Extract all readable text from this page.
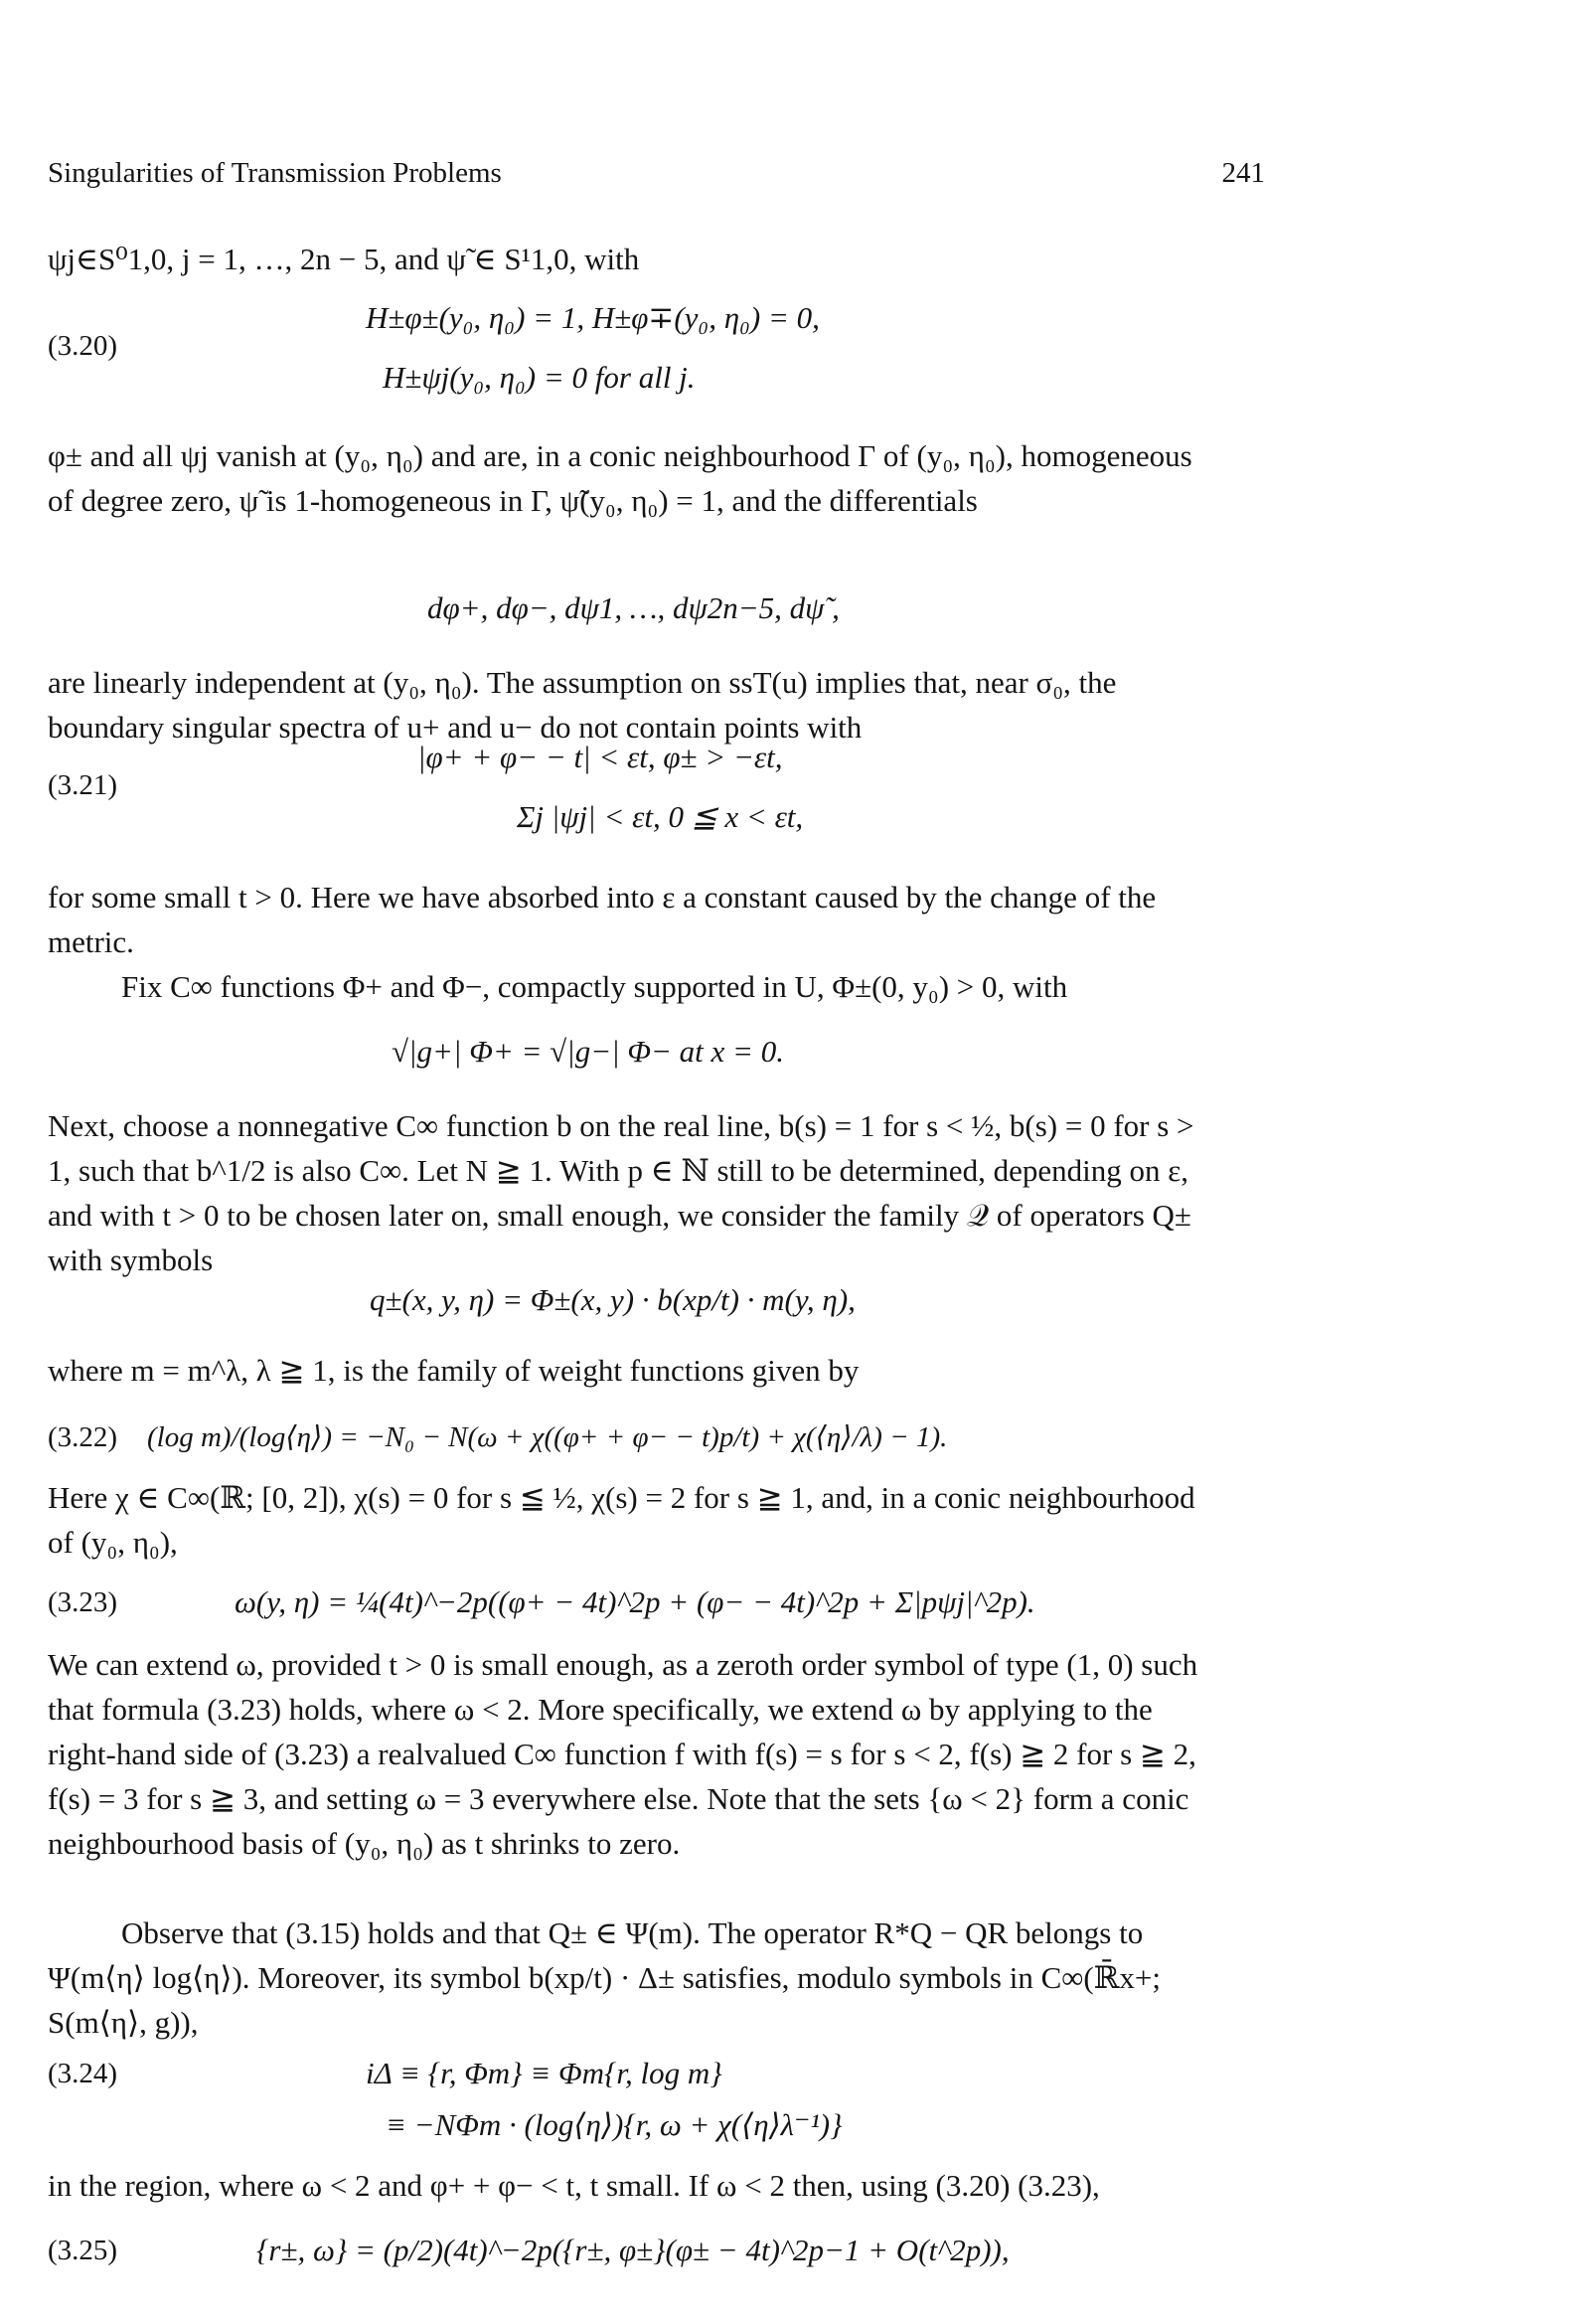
Singularities of Transmission Problems	241

ψj∈S⁰1,0, j = 1, …, 2n − 5, and ψ̃ ∈ S¹1,0, with

(3.20)
H±φ±(y₀, η₀) = 1, H±φ∓(y₀, η₀) = 0,
H±ψj(y₀, η₀) = 0 for all j.

φ± and all ψj vanish at (y₀, η₀) and are, in a conic neighbourhood Γ of (y₀, η₀), homogeneous of degree zero, ψ̃ is 1-homogeneous in Γ, ψ̃(y₀, η₀) = 1, and the differentials

dφ+, dφ−, dψ1, …, dψ2n−5, dψ̃ ,

are linearly independent at (y₀, η₀). The assumption on ssT(u) implies that, near σ₀, the boundary singular spectra of u+ and u− do not contain points with

(3.21)
|φ+ + φ− − t| < εt, φ± > −εt,
Σj |ψj| < εt, 0 ≦ x < εt,

for some small t > 0. Here we have absorbed into ε a constant caused by the change of the metric.

Fix C∞ functions Φ+ and Φ−, compactly supported in U, Φ±(0, y₀) > 0, with

√|g+| Φ+ = √|g−| Φ− at x = 0.

Next, choose a nonnegative C∞ function b on the real line, b(s) = 1 for s < ½, b(s) = 0 for s > 1, such that b^1/2 is also C∞. Let N ≧ 1. With p ∈ ℕ still to be determined, depending on ε, and with t > 0 to be chosen later on, small enough, we consider the family 𝒬 of operators Q± with symbols

q±(x, y, η) = Φ±(x, y) · b(xp/t) · m(y, η),

where m = m^λ, λ ≧ 1, is the family of weight functions given by

(3.22) (log m)/(log⟨η⟩) = −N₀ − N(ω + χ((φ+ + φ− − t)p/t) + χ(⟨η⟩/λ) − 1).

Here χ ∈ C∞(ℝ; [0, 2]), χ(s) = 0 for s ≦ ½, χ(s) = 2 for s ≧ 1, and, in a conic neighbourhood of (y₀, η₀),

(3.23)	ω(y, η) = ¼(4t)^−2p((φ+ − 4t)^2p + (φ− − 4t)^2p + Σ|pψj|^2p).

We can extend ω, provided t > 0 is small enough, as a zeroth order symbol of type (1, 0) such that formula (3.23) holds, where ω < 2. More specifically, we extend ω by applying to the right-hand side of (3.23) a realvalued C∞ function f with f(s) = s for s < 2, f(s) ≧ 2 for s ≧ 2, f(s) = 3 for s ≧ 3, and setting ω = 3 everywhere else. Note that the sets {ω < 2} form a conic neighbourhood basis of (y₀, η₀) as t shrinks to zero.

Observe that (3.15) holds and that Q± ∈ Ψ(m). The operator R*Q − QR belongs to Ψ(m⟨η⟩ log⟨η⟩). Moreover, its symbol b(xp/t) · Δ± satisfies, modulo symbols in C∞(ℝ̄x+; S(m⟨η⟩, g)),

(3.24)	iΔ ≡ {r, Φm} ≡ Φm{r, log m}
≡ −NΦm · (log⟨η⟩){r, ω + χ(⟨η⟩λ⁻¹)}

in the region, where ω < 2 and φ+ + φ− < t, t small. If ω < 2 then, using (3.20) (3.23),

(3.25)	{r±, ω} = (p/2)(4t)^−2p({r±, φ±}(φ± − 4t)^2p−1 + O(t^2p)),
